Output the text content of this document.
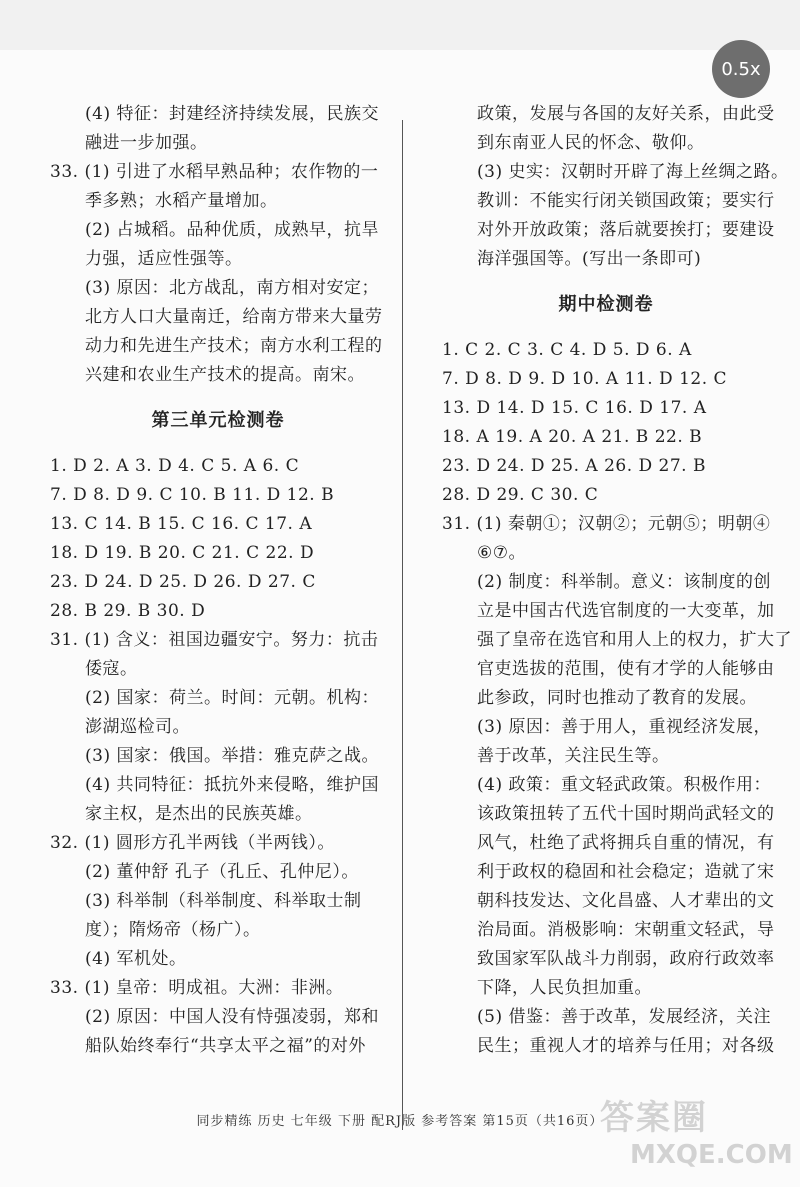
0.5x
(4) 特征：封建经济持续发展，民族交
融进一步加强。
33. (1) 引进了水稻早熟品种；农作物的一
季多熟；水稻产量增加。
(2) 占城稻。品种优质，成熟早，抗旱
力强，适应性强等。
(3) 原因：北方战乱，南方相对安定；
北方人口大量南迁，给南方带来大量劳
动力和先进生产技术；南方水利工程的
兴建和农业生产技术的提高。南宋。
第三单元检测卷
1. D 2. A 3. D 4. C 5. A 6. C
7. D 8. D 9. C 10. B 11. D 12. B
13. C 14. B 15. C 16. C 17. A
18. D 19. B 20. C 21. C 22. D
23. D 24. D 25. D 26. D 27. C
28. B 29. B 30. D
31. (1) 含义：祖国边疆安宁。努力：抗击
倭寇。
(2) 国家：荷兰。时间：元朝。机构：
澎湖巡检司。
(3) 国家：俄国。举措：雅克萨之战。
(4) 共同特征：抵抗外来侵略，维护国
家主权，是杰出的民族英雄。
32. (1) 圆形方孔半两钱（半两钱）。
(2) 董仲舒 孔子（孔丘、孔仲尼）。
(3) 科举制（科举制度、科举取士制
度）；隋炀帝（杨广）。
(4) 军机处。
33. (1) 皇帝：明成祖。大洲：非洲。
(2) 原因：中国人没有恃强凌弱，郑和
船队始终奉行“共享太平之福”的对外
政策，发展与各国的友好关系，由此受
到东南亚人民的怀念、敬仰。
(3) 史实：汉朝时开辟了海上丝绸之路。
教训：不能实行闭关锁国政策；要实行
对外开放政策；落后就要挨打；要建设
海洋强国等。(写出一条即可)
期中检测卷
1. C 2. C 3. C 4. D 5. D 6. A
7. D 8. D 9. D 10. A 11. D 12. C
13. D 14. D 15. C 16. D 17. A
18. A 19. A 20. A 21. B 22. B
23. D 24. D 25. A 26. D 27. B
28. D 29. C 30. C
31. (1) 秦朝①；汉朝②；元朝⑤；明朝④
⑥⑦。
(2) 制度：科举制。意义：该制度的创
立是中国古代选官制度的一大变革，加
强了皇帝在选官和用人上的权力，扩大了
官吏选拔的范围，使有才学的人能够由
此参政，同时也推动了教育的发展。
(3) 原因：善于用人，重视经济发展，
善于改革，关注民生等。
(4) 政策：重文轻武政策。积极作用：
该政策扭转了五代十国时期尚武轻文的
风气，杜绝了武将拥兵自重的情况，有
利于政权的稳固和社会稳定；造就了宋
朝科技发达、文化昌盛、人才辈出的文
治局面。消极影响：宋朝重文轻武，导
致国家军队战斗力削弱，政府行政效率
下降，人民负担加重。
(5) 借鉴：善于改革，发展经济，关注
民生；重视人才的培养与任用；对各级
同步精练 历史 七年级 下册 配RJ版 参考答案 第15页（共16页）
答案圈
MXQE.COM
